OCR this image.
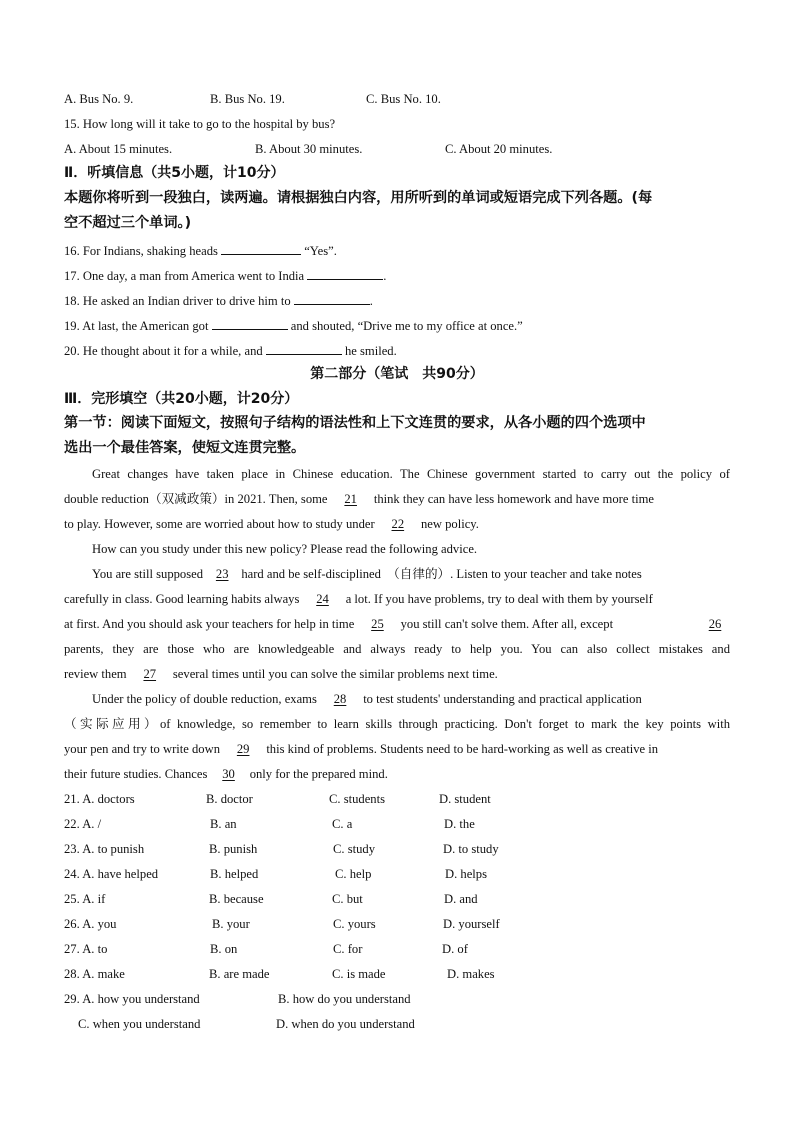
A. Bus No. 9.	B. Bus No. 19.	C. Bus No. 10.
15. How long will it take to go to the hospital by bus?
A. About 15 minutes.	B. About 30 minutes.	C. About 20 minutes.
Ⅱ．听填信息（共5小题，计10分）
本题你将听到一段独白，读两遍。请根据独白内容，用所听到的单词或短语完成下列各题。(每
空不超过三个单词。)
16. For Indians, shaking heads	“Yes”.
17. One day, a man from America went to India	.
18. He asked an Indian driver to drive him to	.
19. At last, the American got	and shouted, “Drive me to my office at once.”
20. He thought about it for a while, and	he smiled.
第二部分（笔试　共90分）
Ⅲ．完形填空（共20小题，计20分）
第一节：阅读下面短文，按照句子结构的语法性和上下文连贯的要求，从各小题的四个选项中
选出一个最佳答案，使短文连贯完整。
Great changes have taken place in Chinese education. The Chinese government started to carry out the policy of
double reduction（双减政策）in 2021. Then, some 21 think they can have less homework and have more time
to play. However, some are worried about how to study under 22 new policy.
How can you study under this new policy? Please read the following advice.
You are still supposed 23 hard and be self-disciplined　（自律的）. Listen to your teacher and take notes
carefully in class. Good learning habits always 24 a lot. If you have problems, try to deal with them by yourself
at first. And you should ask your teachers for help in time 25 you still can't solve them. After all, except	26
parents, they are those who are knowledgeable and always ready to help you. You can also collect mistakes and
review them 27 several times until you can solve the similar problems next time.
Under the policy of double reduction, exams 28 to test students' understanding and practical application
（实际应用）of knowledge, so remember to learn skills through practicing. Don't forget to mark the key points with
your pen and try to write down 29 this kind of problems. Students need to be hard-working as well as creative in
their future studies. Chances 30 only for the prepared mind.
21. A. doctors	B. doctor	C. students	D. student
22. A. /	B. an	C. a	D. the
23. A. to punish	B. punish	C. study	D. to study
24. A. have helped	B. helped	C. help	D. helps
25. A. if	B. because	C. but	D. and
26. A. you	B. your	C. yours	D. yourself
27. A. to	B. on	C. for	D. of
28. A. make	B. are made	C. is made	D. makes
29. A. how you understand	B. how do you understand
C. when you understand	D. when do you understand
